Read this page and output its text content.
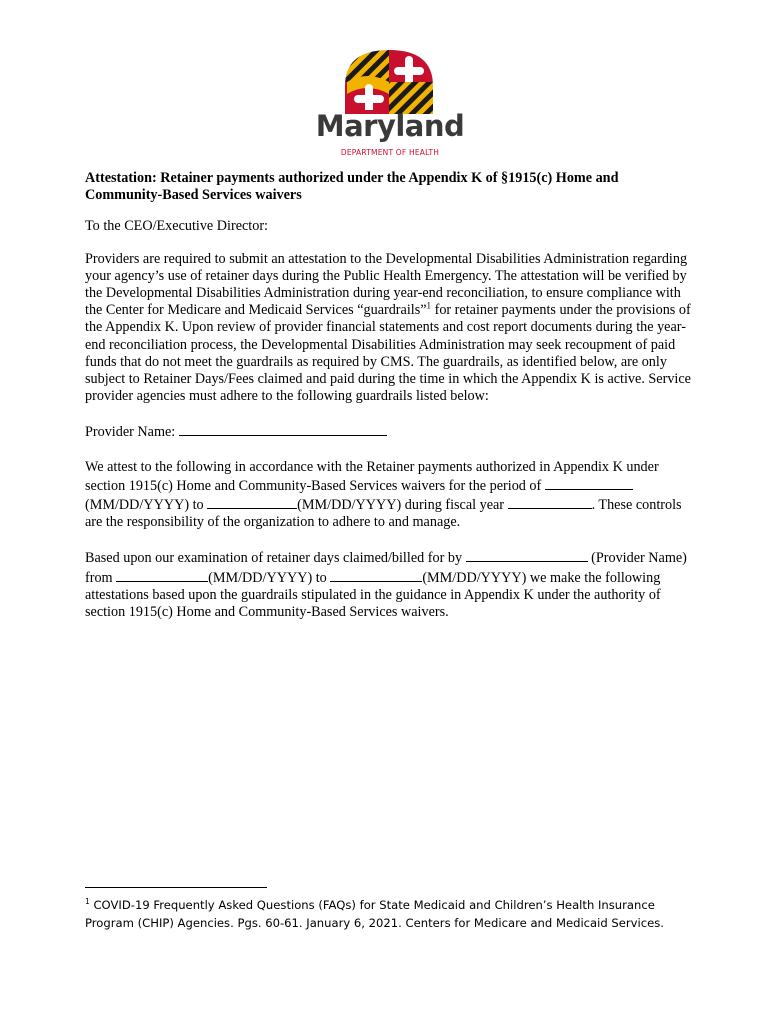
Maryland
DEPARTMENT OF HEALTH

Attestation: Retainer payments authorized under the Appendix K of §1915(c) Home and Community-Based Services waivers

To the CEO/Executive Director:

Providers are required to submit an attestation to the Developmental Disabilities Administration regarding your agency’s use of retainer days during the Public Health Emergency. The attestation will be verified by the Developmental Disabilities Administration during year-end reconciliation, to ensure compliance with the Center for Medicare and Medicaid Services “guardrails”$^1$ for retainer payments under the provisions of the Appendix K. Upon review of provider financial statements and cost report documents during the year-end reconciliation process, the Developmental Disabilities Administration may seek recoupment of paid funds that do not meet the guardrails as required by CMS. The guardrails, as identified below, are only subject to Retainer Days/Fees claimed and paid during the time in which the Appendix K is active. Service provider agencies must adhere to the following guardrails listed below:

Provider Name:

We attest to the following in accordance with the Retainer payments authorized in Appendix K under section 1915(c) Home and Community-Based Services waivers for the period of (MM/DD/YYYY) to	(MM/DD/YYYY) during fiscal year	. These controls are the responsibility of the organization to adhere to and manage.

Based upon our examination of retainer days claimed/billed for by	(Provider Name) from	(MM/DD/YYYY) to	(MM/DD/YYYY) we make the following attestations based upon the guardrails stipulated in the guidance in Appendix K under the authority of section 1915(c) Home and Community-Based Services waivers.

$^1$ COVID-19 Frequently Asked Questions (FAQs) for State Medicaid and Children’s Health Insurance Program (CHIP) Agencies. Pgs. 60-61. January 6, 2021. Centers for Medicare and Medicaid Services.
